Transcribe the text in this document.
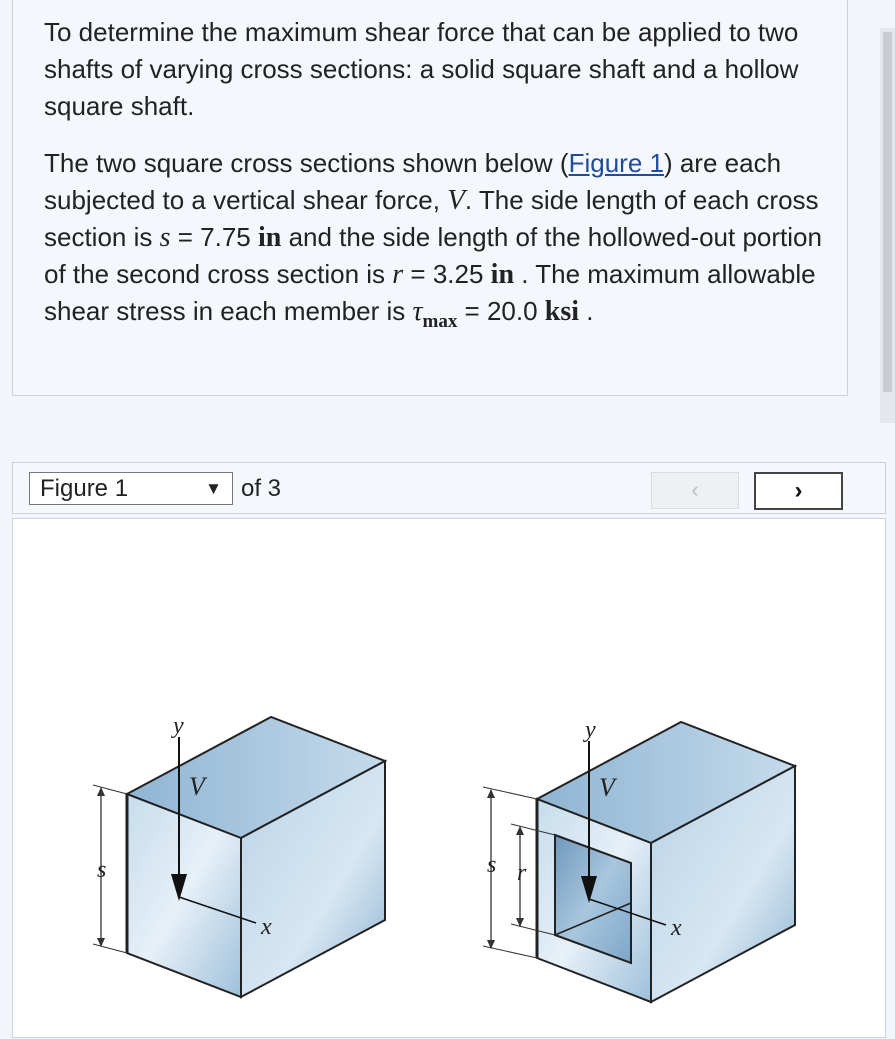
To determine the maximum shear force that can be applied to two shafts of varying cross sections: a solid square shaft and a hollow square shaft.

The two square cross sections shown below (Figure 1) are each subjected to a vertical shear force, V. The side length of each cross section is s = 7.75 in and the side length of the hollowed-out portion of the second cross section is r = 3.25 in . The maximum allowable shear stress in each member is $\tau_{max} = 20.0$ ksi .

Figure 1	▼ of 3	‹	›
y
V
s
x
y
V
s r
x
